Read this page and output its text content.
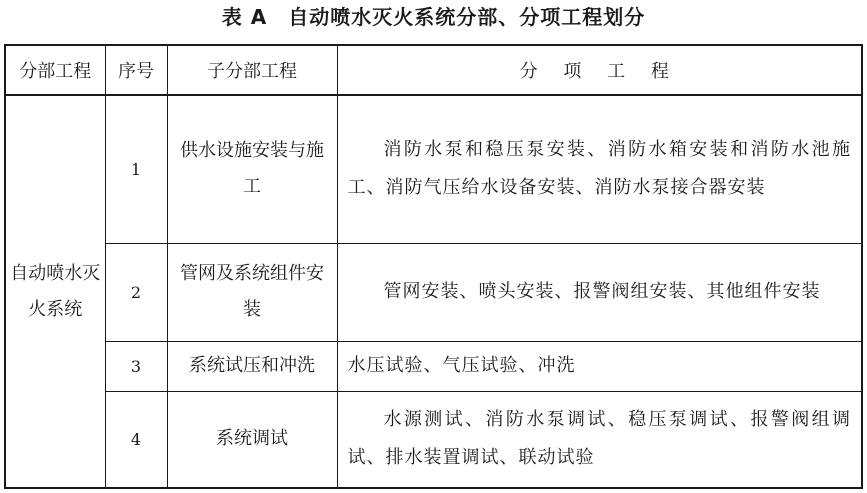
表 A　自动喷水灭火系统分部、分项工程划分
分部工程	序号	子分部工程	分 项 工 程
自动喷水灭火系统	1	供水设施安装与施工	消防水泵和稳压泵安装、消防水箱安装和消防水池施工、消防气压给水设备安装、消防水泵接合器安装
	2	管网及系统组件安装	管网安装、喷头安装、报警阀组安装、其他组件安装
	3	系统试压和冲洗	水压试验、气压试验、冲洗
	4	系统调试	水源测试、消防水泵调试、稳压泵调试、报警阀组调试、排水装置调试、联动试验
